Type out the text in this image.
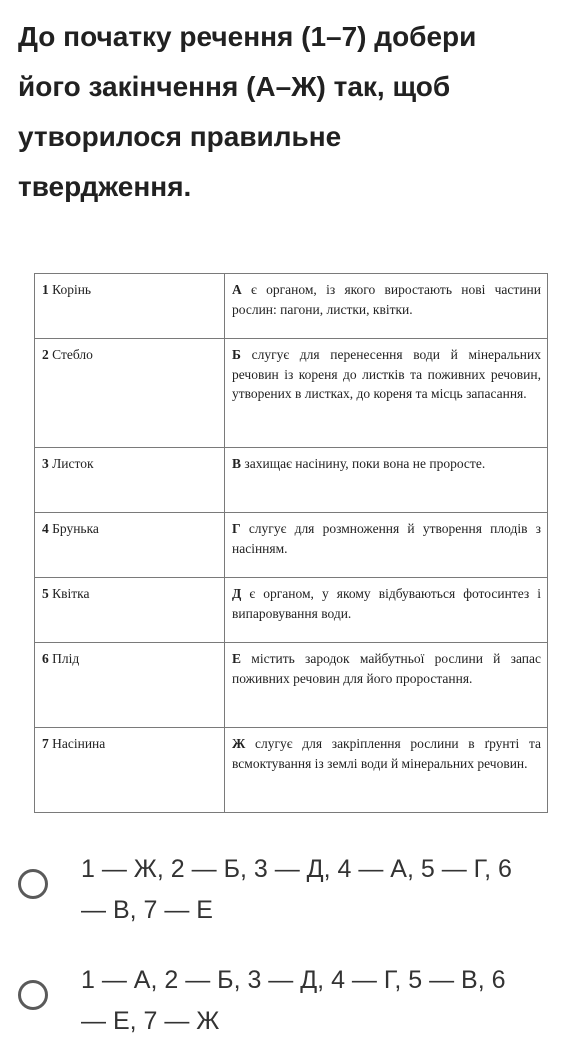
До початку речення (1–7) добери
його закінчення (А–Ж) так, щоб
утворилося правильне
твердження.
1 Корінь	А є органом, із якого виростають нові частини рослин: пагони, листки, квітки.
2 Стебло	Б слугує для перенесення води й мінеральних речовин із кореня до листків та поживних речовин, утворених в листках, до кореня та місць запасання.
3 Листок	В захищає насінину, поки вона не проросте.
4 Брунька	Г слугує для розмноження й утворення плодів з насінням.
5 Квітка	Д є органом, у якому відбуваються фотосинтез і випаровування води.
6 Плід	Е містить зародок майбутньої рослини й запас поживних речовин для його проростання.
7 Насінина	Ж слугує для закріплення рослини в ґрунті та всмоктування із землі води й мінеральних речовин.
1 — Ж, 2 — Б, 3 — Д, 4 — А, 5 — Г, 6
— В, 7 — Е
1 — А, 2 — Б, 3 — Д, 4 — Г, 5 — В, 6
— Е, 7 — Ж
